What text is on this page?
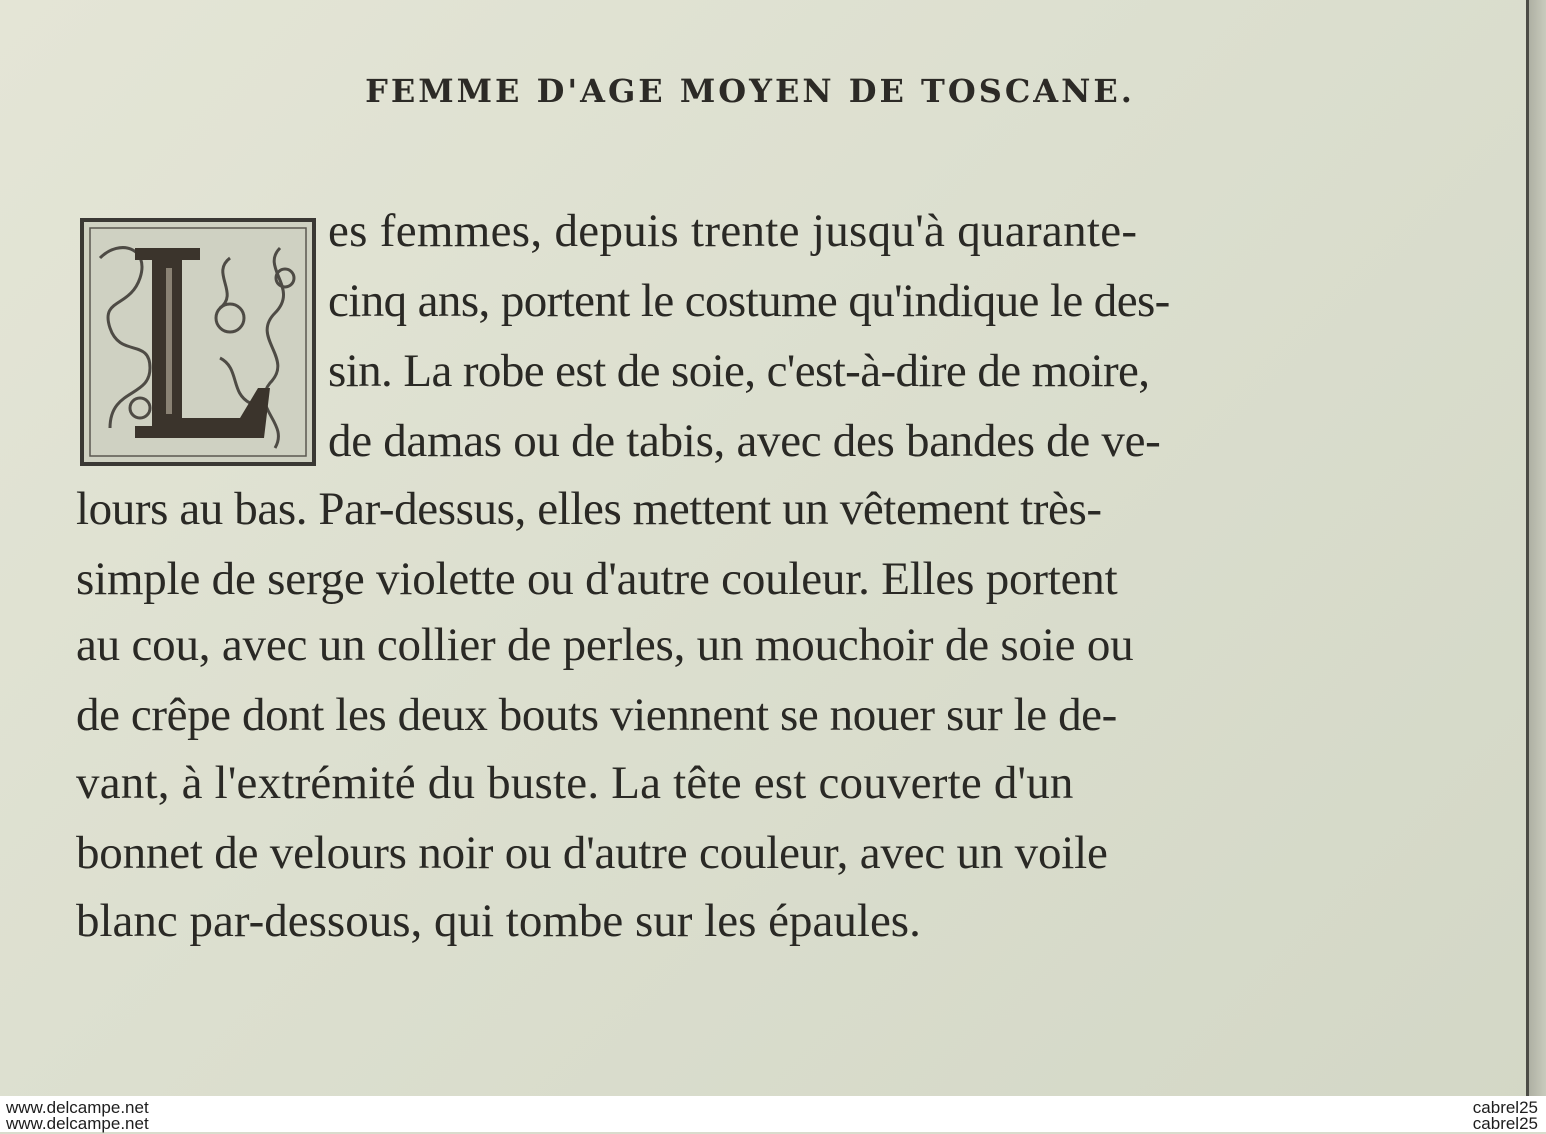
FEMME D'AGE MOYEN DE TOSCANE.
es femmes, depuis trente jusqu'à quarante-
cinq ans, portent le costume qu'indique le des-
sin. La robe est de soie, c'est-à-dire de moire,
de damas ou de tabis, avec des bandes de ve-
lours au bas. Par-dessus, elles mettent un vêtement très-
simple de serge violette ou d'autre couleur. Elles portent
au cou, avec un collier de perles, un mouchoir de soie ou
de crêpe dont les deux bouts viennent se nouer sur le de-
vant, à l'extrémité du buste. La tête est couverte d'un
bonnet de velours noir ou d'autre couleur, avec un voile
blanc par-dessous, qui tombe sur les épaules.
www.delcampe.net
www.delcampe.net
cabrel25
cabrel25
